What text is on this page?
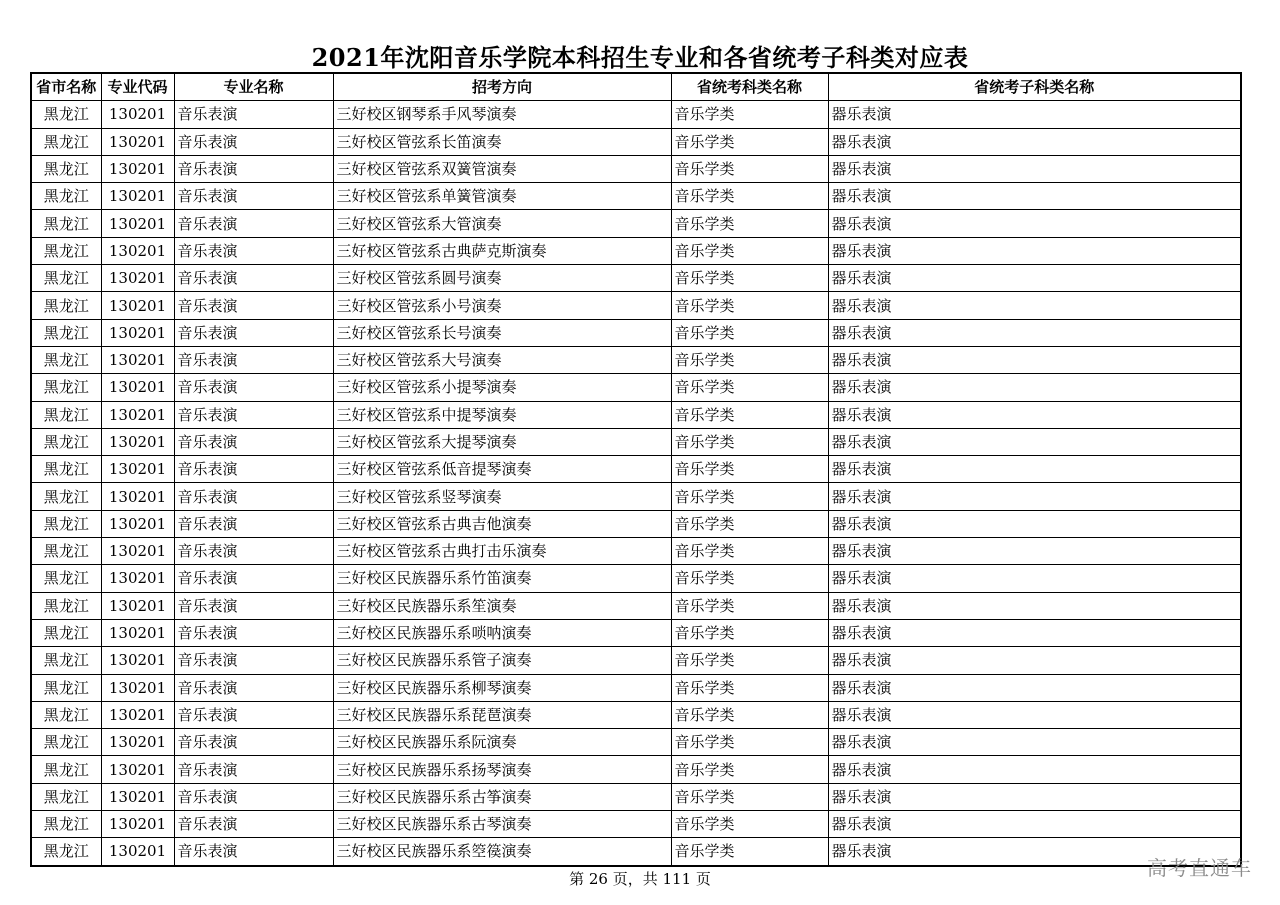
2021年沈阳音乐学院本科招生专业和各省统考子科类对应表
省市名称	专业代码	专业名称	招考方向	省统考科类名称	省统考子科类名称
黑龙江	130201	音乐表演	三好校区钢琴系手风琴演奏	音乐学类	器乐表演
黑龙江	130201	音乐表演	三好校区管弦系长笛演奏	音乐学类	器乐表演
黑龙江	130201	音乐表演	三好校区管弦系双簧管演奏	音乐学类	器乐表演
黑龙江	130201	音乐表演	三好校区管弦系单簧管演奏	音乐学类	器乐表演
黑龙江	130201	音乐表演	三好校区管弦系大管演奏	音乐学类	器乐表演
黑龙江	130201	音乐表演	三好校区管弦系古典萨克斯演奏	音乐学类	器乐表演
黑龙江	130201	音乐表演	三好校区管弦系圆号演奏	音乐学类	器乐表演
黑龙江	130201	音乐表演	三好校区管弦系小号演奏	音乐学类	器乐表演
黑龙江	130201	音乐表演	三好校区管弦系长号演奏	音乐学类	器乐表演
黑龙江	130201	音乐表演	三好校区管弦系大号演奏	音乐学类	器乐表演
黑龙江	130201	音乐表演	三好校区管弦系小提琴演奏	音乐学类	器乐表演
黑龙江	130201	音乐表演	三好校区管弦系中提琴演奏	音乐学类	器乐表演
黑龙江	130201	音乐表演	三好校区管弦系大提琴演奏	音乐学类	器乐表演
黑龙江	130201	音乐表演	三好校区管弦系低音提琴演奏	音乐学类	器乐表演
黑龙江	130201	音乐表演	三好校区管弦系竖琴演奏	音乐学类	器乐表演
黑龙江	130201	音乐表演	三好校区管弦系古典吉他演奏	音乐学类	器乐表演
黑龙江	130201	音乐表演	三好校区管弦系古典打击乐演奏	音乐学类	器乐表演
黑龙江	130201	音乐表演	三好校区民族器乐系竹笛演奏	音乐学类	器乐表演
黑龙江	130201	音乐表演	三好校区民族器乐系笙演奏	音乐学类	器乐表演
黑龙江	130201	音乐表演	三好校区民族器乐系唢呐演奏	音乐学类	器乐表演
黑龙江	130201	音乐表演	三好校区民族器乐系管子演奏	音乐学类	器乐表演
黑龙江	130201	音乐表演	三好校区民族器乐系柳琴演奏	音乐学类	器乐表演
黑龙江	130201	音乐表演	三好校区民族器乐系琵琶演奏	音乐学类	器乐表演
黑龙江	130201	音乐表演	三好校区民族器乐系阮演奏	音乐学类	器乐表演
黑龙江	130201	音乐表演	三好校区民族器乐系扬琴演奏	音乐学类	器乐表演
黑龙江	130201	音乐表演	三好校区民族器乐系古筝演奏	音乐学类	器乐表演
黑龙江	130201	音乐表演	三好校区民族器乐系古琴演奏	音乐学类	器乐表演
黑龙江	130201	音乐表演	三好校区民族器乐系箜篌演奏	音乐学类	器乐表演
第 26 页，共 111 页	高考直通车
